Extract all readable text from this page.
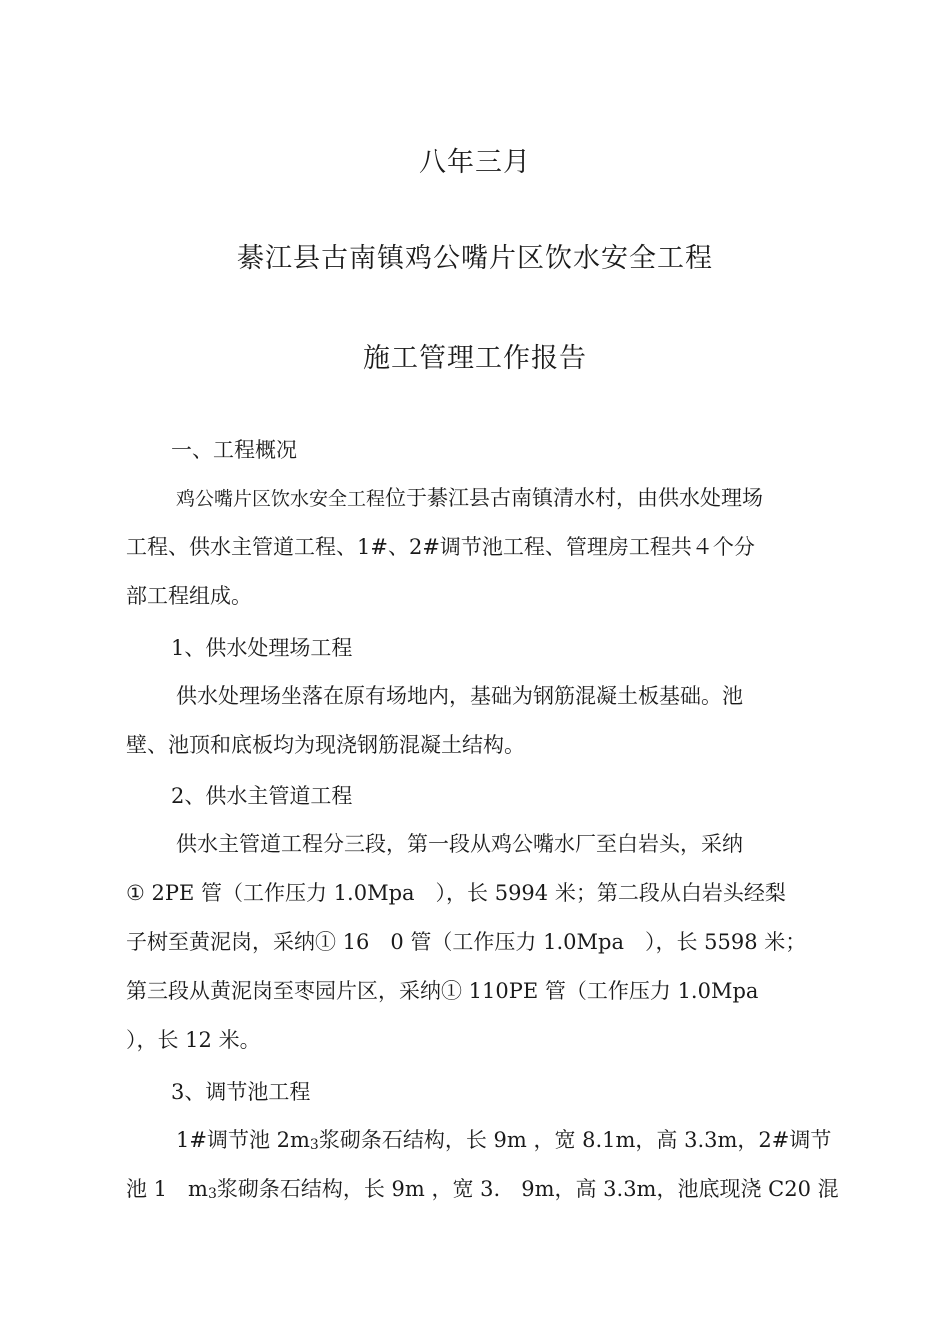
八年三月
綦江县古南镇鸡公嘴片区饮水安全工程
施工管理工作报告
一、工程概况
鸡公嘴片区饮水安全工程位于綦江县古南镇清水村，由供水处理场
工程、供水主管道工程、1#、2#调节池工程、管理房工程共４个分
部工程组成。
1、供水处理场工程
供水处理场坐落在原有场地内，基础为钢筋混凝土板基础。池
壁、池顶和底板均为现浇钢筋混凝土结构。
2、供水主管道工程
供水主管道工程分三段，第一段从鸡公嘴水厂至白岩头，采纳
① 2PE 管（工作压力 1.0Mpa　），长 5994 米；第二段从白岩头经梨
子树至黄泥岗，采纳① 16　0 管（工作压力 1.0Mpa　），长 5598 米；
第三段从黄泥岗至枣园片区，采纳① 110PE 管（工作压力 1.0Mpa
），长 12 米。
3、调节池工程
1#调节池 2m3浆砌条石结构，长 9m ，宽 8.1m，高 3.3m，2#调节
池 1　m3浆砌条石结构，长 9m ，宽 3.　9m，高 3.3m，池底现浇 C20 混
